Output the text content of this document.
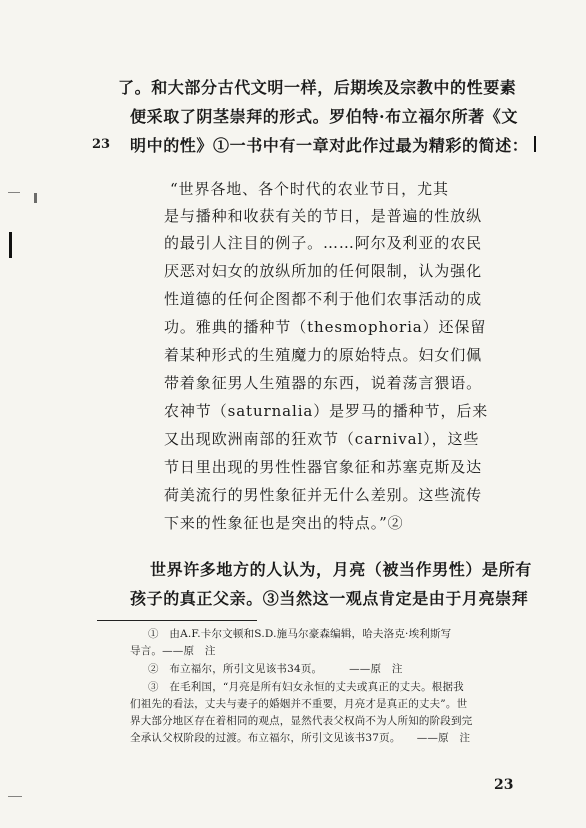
了。和大部分古代文明一样，后期埃及宗教中的性要素
便采取了阴茎崇拜的形式。罗伯特·布立福尔所著《文
23 明中的性》①一书中有一章对此作过最为精彩的简述：
“世界各地、各个时代的农业节日，尤其
是与播种和收获有关的节日，是普遍的性放纵
的最引人注目的例子。……阿尔及利亚的农民
厌恶对妇女的放纵所加的任何限制，认为强化
性道德的任何企图都不利于他们农事活动的成
功。雅典的播种节（thesmophoria）还保留
着某种形式的生殖魔力的原始特点。妇女们佩
带着象征男人生殖器的东西，说着荡言猥语。
农神节（saturnalia）是罗马的播种节，后来
又出现欧洲南部的狂欢节（carnival），这些
节日里出现的男性性器官象征和苏塞克斯及达
荷美流行的男性象征并无什么差别。这些流传
下来的性象征也是突出的特点。”②
世界许多地方的人认为，月亮（被当作男性）是所有
孩子的真正父亲。③当然这一观点肯定是由于月亮崇拜
①　由A.F.卡尔文顿和S.D.施马尔豪森编辑，哈夫洛克·埃利斯写
导言。——原　注
②　布立福尔，所引文见该书34页。　　　——原　注
③　在毛利国，“月亮是所有妇女永恒的丈夫或真正的丈夫。根据我
们祖先的看法，丈夫与妻子的婚姻并不重要，月亮才是真正的丈夫”。世
界大部分地区存在着相同的观点，显然代表父权尚不为人所知的阶段到完
全承认父权阶段的过渡。布立福尔，所引文见该书37页。　　——原　注
23
